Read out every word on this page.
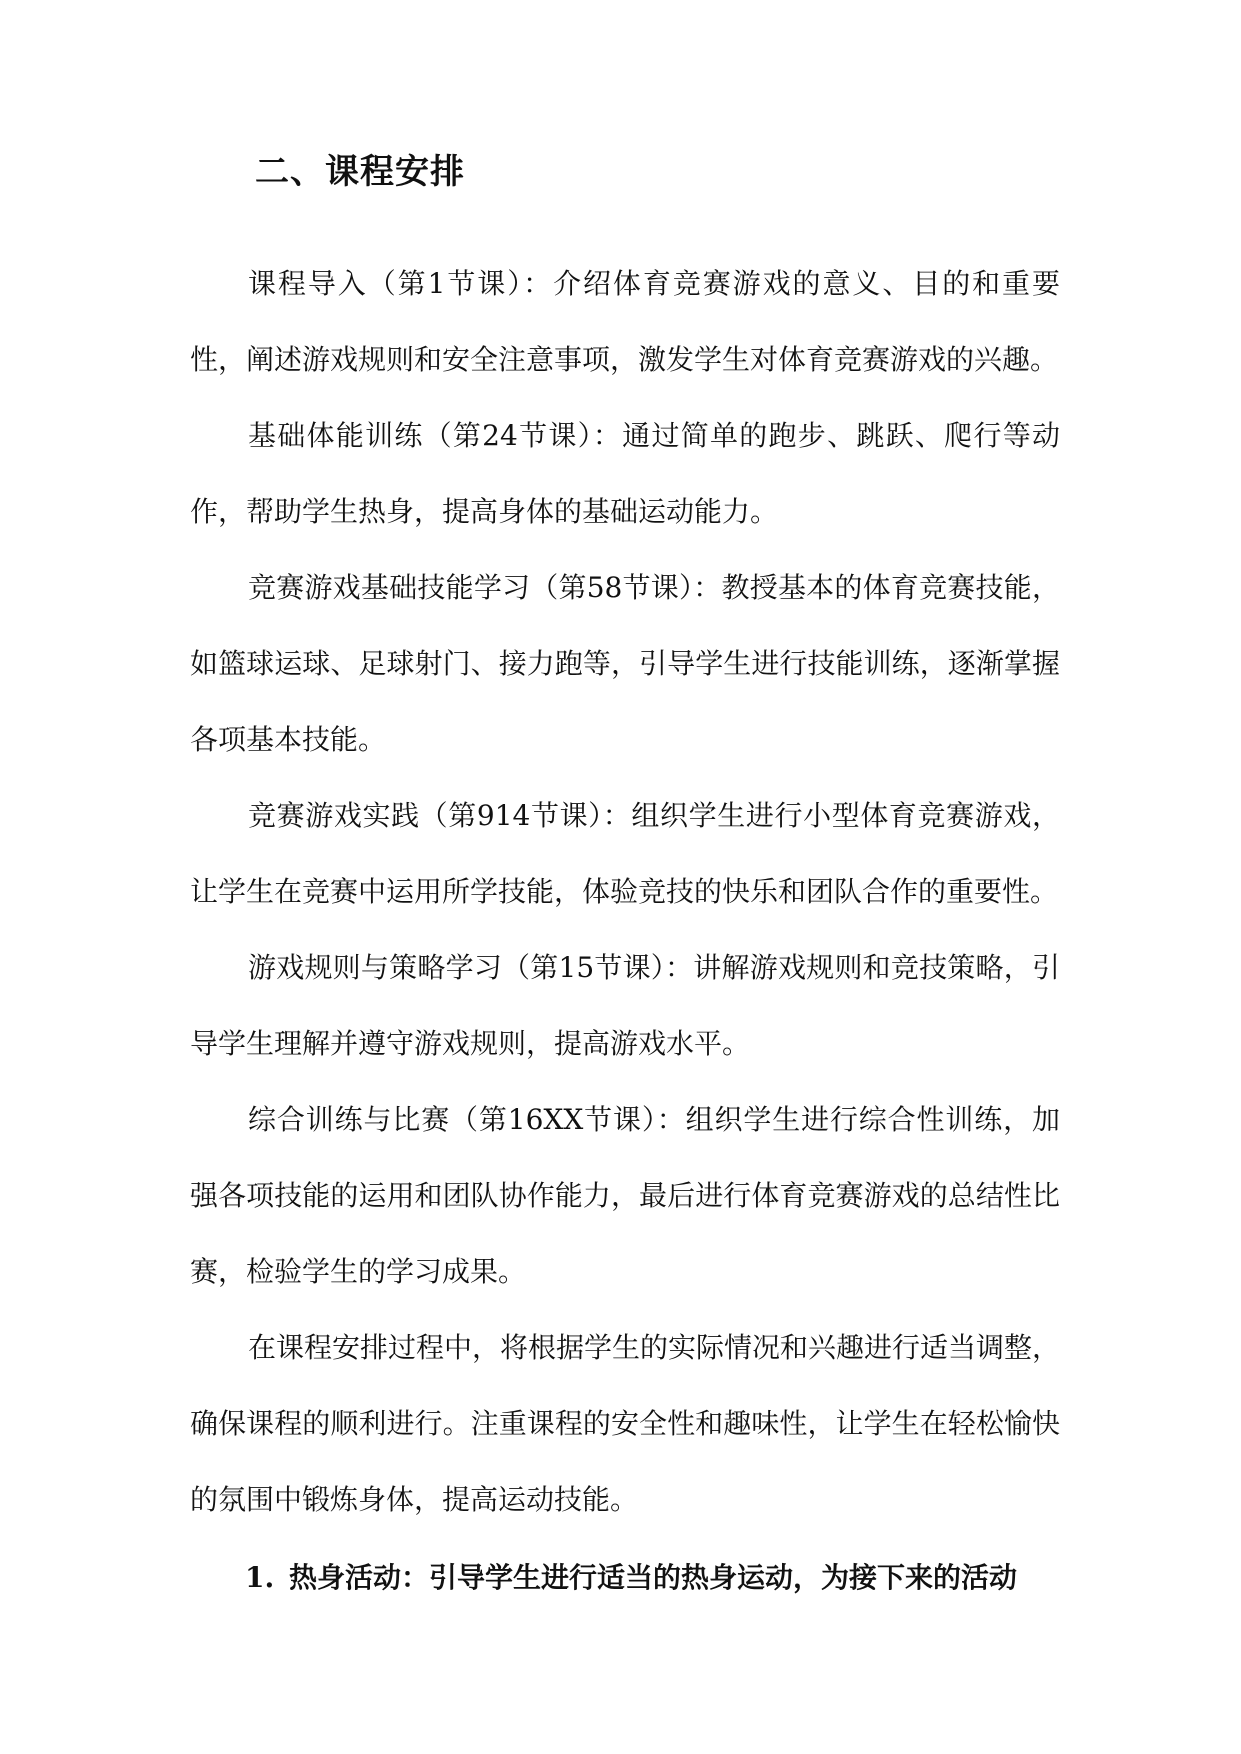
二、课程安排

课程导入（第1节课）：介绍体育竞赛游戏的意义、目的和重要性，阐述游戏规则和安全注意事项，激发学生对体育竞赛游戏的兴趣。

基础体能训练（第24节课）：通过简单的跑步、跳跃、爬行等动作，帮助学生热身，提高身体的基础运动能力。

竞赛游戏基础技能学习（第58节课）：教授基本的体育竞赛技能，如篮球运球、足球射门、接力跑等，引导学生进行技能训练，逐渐掌握各项基本技能。

竞赛游戏实践（第914节课）：组织学生进行小型体育竞赛游戏，让学生在竞赛中运用所学技能，体验竞技的快乐和团队合作的重要性。

游戏规则与策略学习（第15节课）：讲解游戏规则和竞技策略，引导学生理解并遵守游戏规则，提高游戏水平。

综合训练与比赛（第16XX节课）：组织学生进行综合性训练，加强各项技能的运用和团队协作能力，最后进行体育竞赛游戏的总结性比赛，检验学生的学习成果。

在课程安排过程中，将根据学生的实际情况和兴趣进行适当调整，确保课程的顺利进行。注重课程的安全性和趣味性，让学生在轻松愉快的氛围中锻炼身体，提高运动技能。

1. 热身活动：引导学生进行适当的热身运动，为接下来的活动
